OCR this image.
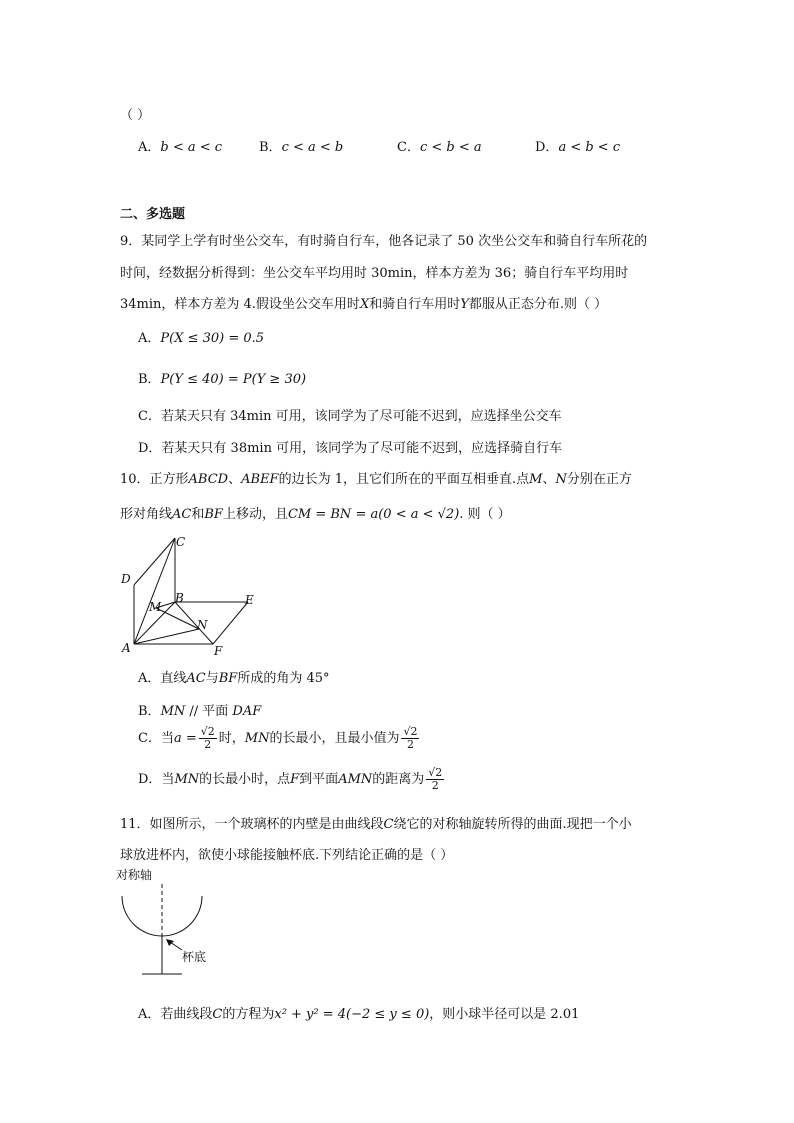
（ ）
A．b < a < c	B．c < a < b	C．c < b < a	D．a < b < c
二、多选题
9．某同学上学有时坐公交车，有时骑自行车，他各记录了 50 次坐公交车和骑自行车所花的
时间，经数据分析得到：坐公交车平均用时 30min，样本方差为 36；骑自行车平均用时
34min，样本方差为 4.假设坐公交车用时X和骑自行车用时Y都服从正态分布.则（ ）
A．P(X ≤ 30) = 0.5
B．P(Y ≤ 40) = P(Y ≥ 30)
C．若某天只有 34min 可用，该同学为了尽可能不迟到，应选择坐公交车
D．若某天只有 38min 可用，该同学为了尽可能不迟到，应选择骑自行车
10．正方形ABCD、ABEF的边长为 1，且它们所在的平面互相垂直.点M、N分别在正方
形对角线AC和BF上移动，且CM = BN = a(0 < a < √2). 则（ ）
C
D
M
B	E
N
A	F
A．直线AC与BF所成的角为 45°
B．MN // 平面 DAF
C．当$a = \frac{√2}{2}$ 时，MN的长最小，且最小值为 $\frac{√2}{2}$
D．当MN的长最小时，点F到平面AMN的距离为 $\frac{√2}{2}$
11．如图所示，一个玻璃杯的内壁是由曲线段C绕它的对称轴旋转所得的曲面.现把一个小
球放进杯内，欲使小球能接触杯底.下列结论正确的是（ ）
对称轴
杯底
A．若曲线段C的方程为x² + y² = 4(−2 ≤ y ≤ 0)，则小球半径可以是 2.01
